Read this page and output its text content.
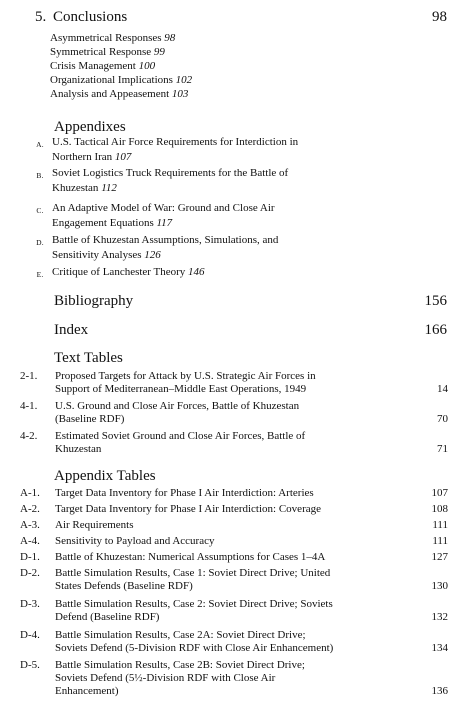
5. Conclusions	98
Asymmetrical Responses 98
Symmetrical Response 99
Crisis Management 100
Organizational Implications 102
Analysis and Appeasement 103
Appendixes
A. U.S. Tactical Air Force Requirements for Interdiction in
Northern Iran 107
B. Soviet Logistics Truck Requirements for the Battle of
Khuzestan 112
C. An Adaptive Model of War: Ground and Close Air
Engagement Equations 117
D. Battle of Khuzestan Assumptions, Simulations, and
Sensitivity Analyses 126
E. Critique of Lanchester Theory 146
Bibliography	156
Index	166
Text Tables
2-1.	Proposed Targets for Attack by U.S. Strategic Air Forces in
Support of Mediterranean–Middle East Operations, 1949	14
4-1.	U.S. Ground and Close Air Forces, Battle of Khuzestan
(Baseline RDF)	70
4-2.	Estimated Soviet Ground and Close Air Forces, Battle of
Khuzestan	71
Appendix Tables
A-1.	Target Data Inventory for Phase I Air Interdiction: Arteries	107
A-2.	Target Data Inventory for Phase I Air Interdiction: Coverage	108
A-3.	Air Requirements	111
A-4.	Sensitivity to Payload and Accuracy	111
D-1.	Battle of Khuzestan: Numerical Assumptions for Cases 1–4A	127
D-2.	Battle Simulation Results, Case 1: Soviet Direct Drive; United
States Defends (Baseline RDF)	130
D-3.	Battle Simulation Results, Case 2: Soviet Direct Drive; Soviets
Defend (Baseline RDF)	132
D-4.	Battle Simulation Results, Case 2A: Soviet Direct Drive;
Soviets Defend (5-Division RDF with Close Air Enhancement)	134
D-5.	Battle Simulation Results, Case 2B: Soviet Direct Drive;
Soviets Defend (5½-Division RDF with Close Air
Enhancement)	136
